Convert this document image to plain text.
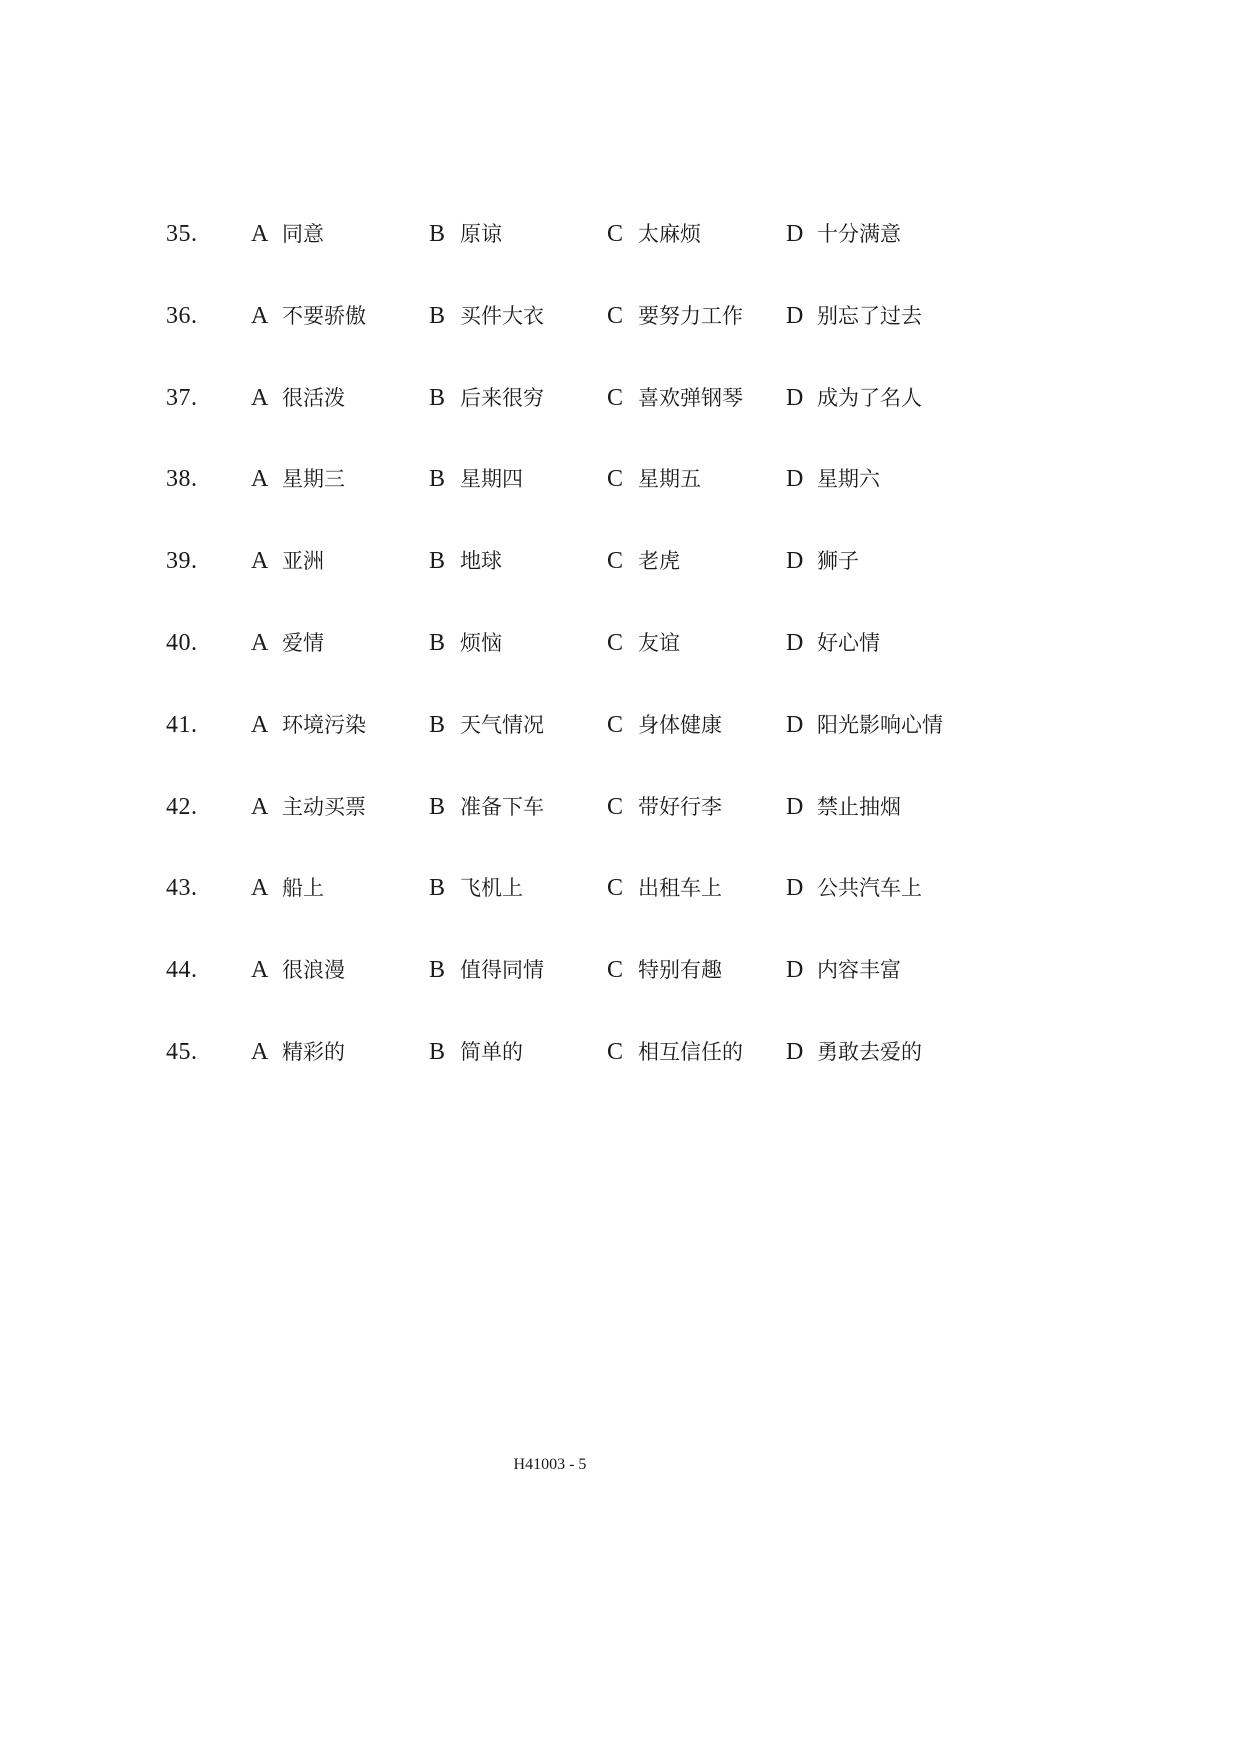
35. A 同意	B 原谅	C 太麻烦	D 十分满意
36. A 不要骄傲	B 买件大衣	C 要努力工作 D 别忘了过去
37. A 很活泼	B 后来很穷	C 喜欢弹钢琴 D 成为了名人
38. A 星期三	B 星期四	C 星期五	D 星期六
39. A 亚洲	B 地球	C 老虎	D 狮子
40. A 爱情	B 烦恼	C 友谊	D 好心情
41. A 环境污染	B 天气情况	C 身体健康	D 阳光影响心情
42. A 主动买票	B 准备下车	C 带好行李	D 禁止抽烟
43. A 船上	B 飞机上	C 出租车上	D 公共汽车上
44. A 很浪漫	B 值得同情	C 特别有趣	D 内容丰富
45. A 精彩的	B 简单的	C 相互信任的 D 勇敢去爱的
H41003 - 5
